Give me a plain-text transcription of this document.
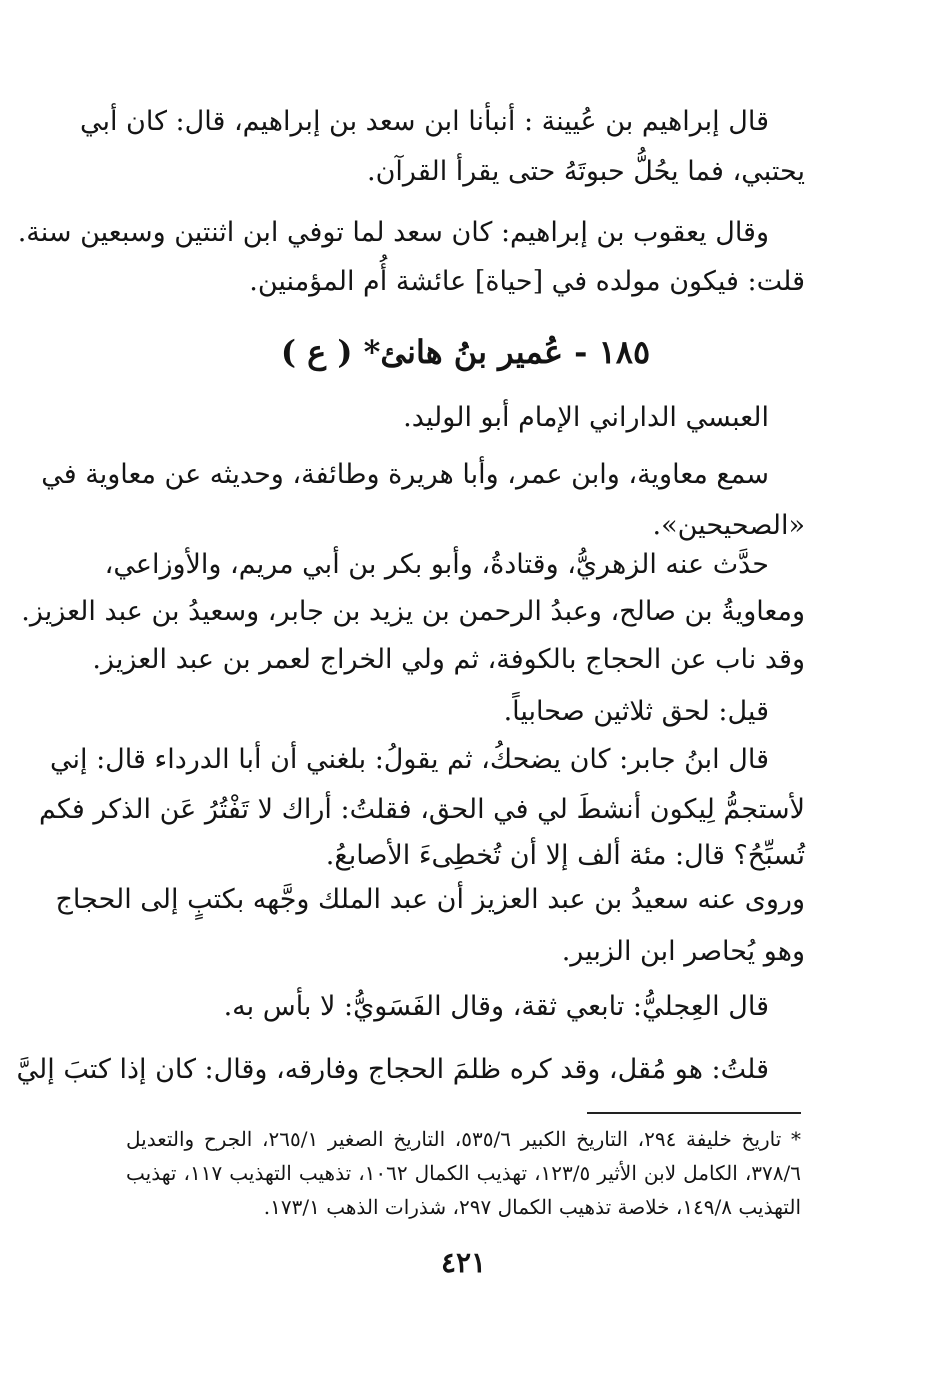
قال إبراهيم بن عُيينة : أنبأنا ابن سعد بن إبراهيم، قال: كان أبي
يحتبي، فما يحُلُّ حبوتَهُ حتى يقرأ القرآن.
وقال يعقوب بن إبراهيم: كان سعد لما توفي ابن اثنتين وسبعين سنة.
قلت: فيكون مولده في [حياة] عائشة أُم المؤمنين.
١٨٥ - عُمير بنُ هانئ* ( ع )
العبسي الداراني الإمام أبو الوليد.
سمع معاوية، وابن عمر، وأبا هريرة وطائفة، وحديثه عن معاوية في
«الصحيحين».
حدَّث عنه الزهريُّ، وقتادةُ، وأبو بكر بن أبي مريم، والأوزاعي،
ومعاويةُ بن صالح، وعبدُ الرحمن بن يزيد بن جابر، وسعيدُ بن عبد العزيز.
وقد ناب عن الحجاج بالكوفة، ثم ولي الخراج لعمر بن عبد العزيز.
قيل: لحق ثلاثين صحابياً.
قال ابنُ جابر: كان يضحكُ، ثم يقولُ: بلغني أن أبا الدرداء قال: إني
لأستجمُّ لِيكون أنشطَ لي في الحق، فقلتُ: أراك لا تَفْتُرُ عَن الذكر فكم
تُسبِّحُ؟ قال: مئة ألف إلا أن تُخطِىءَ الأصابعُ.
وروى عنه سعيدُ بن عبد العزيز أن عبد الملك وجَّهه بكتبٍ إلى الحجاج
وهو يُحاصر ابن الزبير.
قال العِجليُّ: تابعي ثقة، وقال الفَسَويُّ: لا بأس به.
قلتُ: هو مُقل، وقد كره ظلمَ الحجاج وفارقه، وقال: كان إذا كتبَ إليَّ
* تاريخ خليفة ٢٩٤، التاريخ الكبير ٥٣٥/٦، التاريخ الصغير ٢٦٥/١، الجرح والتعديل
٣٧٨/٦، الكامل لابن الأثير ١٢٣/٥، تهذيب الكمال ١٠٦٢، تذهيب التهذيب ١١٧، تهذيب
التهذيب ١٤٩/٨، خلاصة تذهيب الكمال ٢٩٧، شذرات الذهب ١٧٣/١.
٤٢١
